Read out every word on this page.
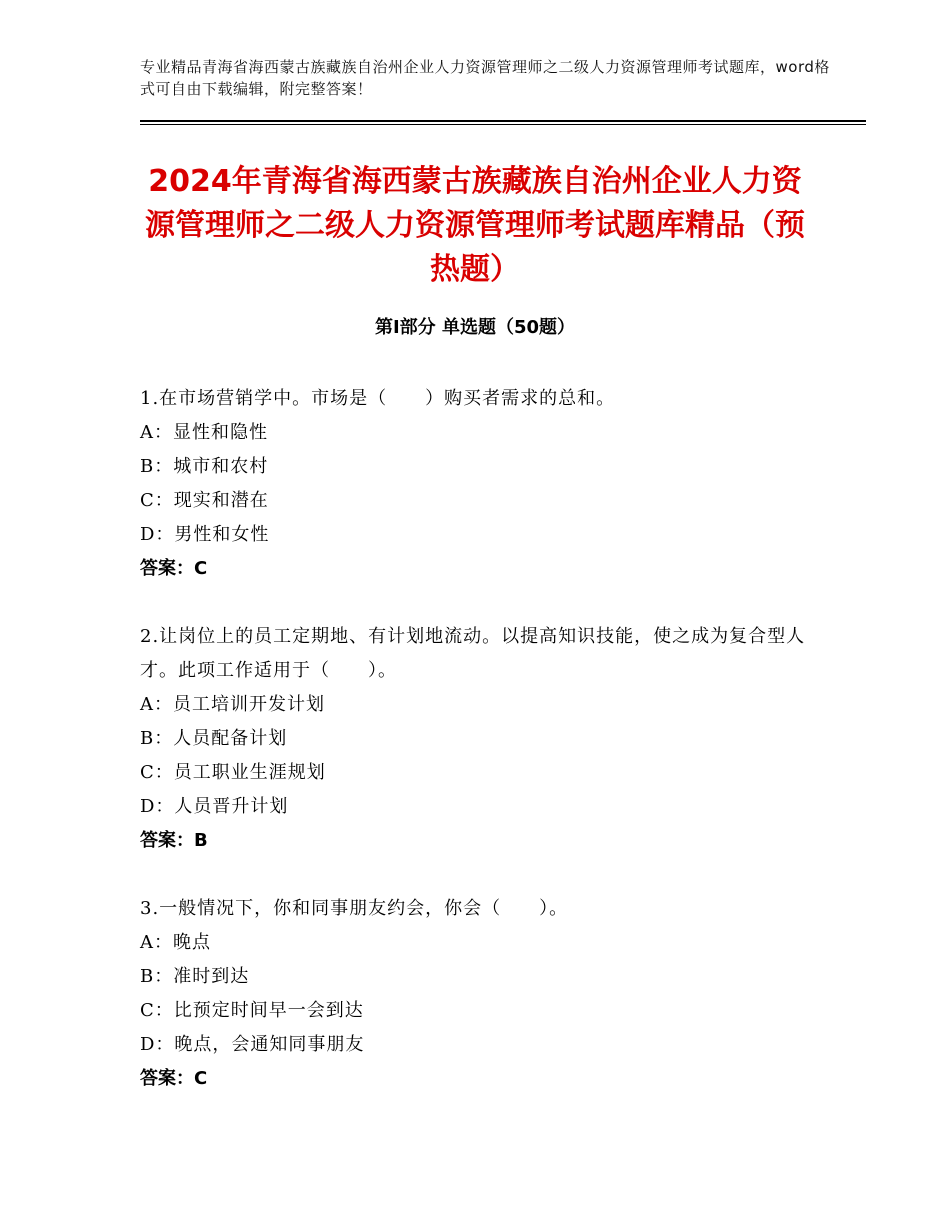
专业精品青海省海西蒙古族藏族自治州企业人力资源管理师之二级人力资源管理师考试题库，word格式可自由下载编辑，附完整答案！
2024年青海省海西蒙古族藏族自治州企业人力资源管理师之二级人力资源管理师考试题库精品（预热题）
第Ⅰ部分 单选题（50题）
1.在市场营销学中。市场是（　　）购买者需求的总和。
A：显性和隐性
B：城市和农村
C：现实和潜在
D：男性和女性
答案：C
2.让岗位上的员工定期地、有计划地流动。以提高知识技能，使之成为复合型人才。此项工作适用于（　　）。
A：员工培训开发计划
B：人员配备计划
C：员工职业生涯规划
D：人员晋升计划
答案：B
3.一般情况下，你和同事朋友约会，你会（　　）。
A：晚点
B：准时到达
C：比预定时间早一会到达
D：晚点，会通知同事朋友
答案：C
